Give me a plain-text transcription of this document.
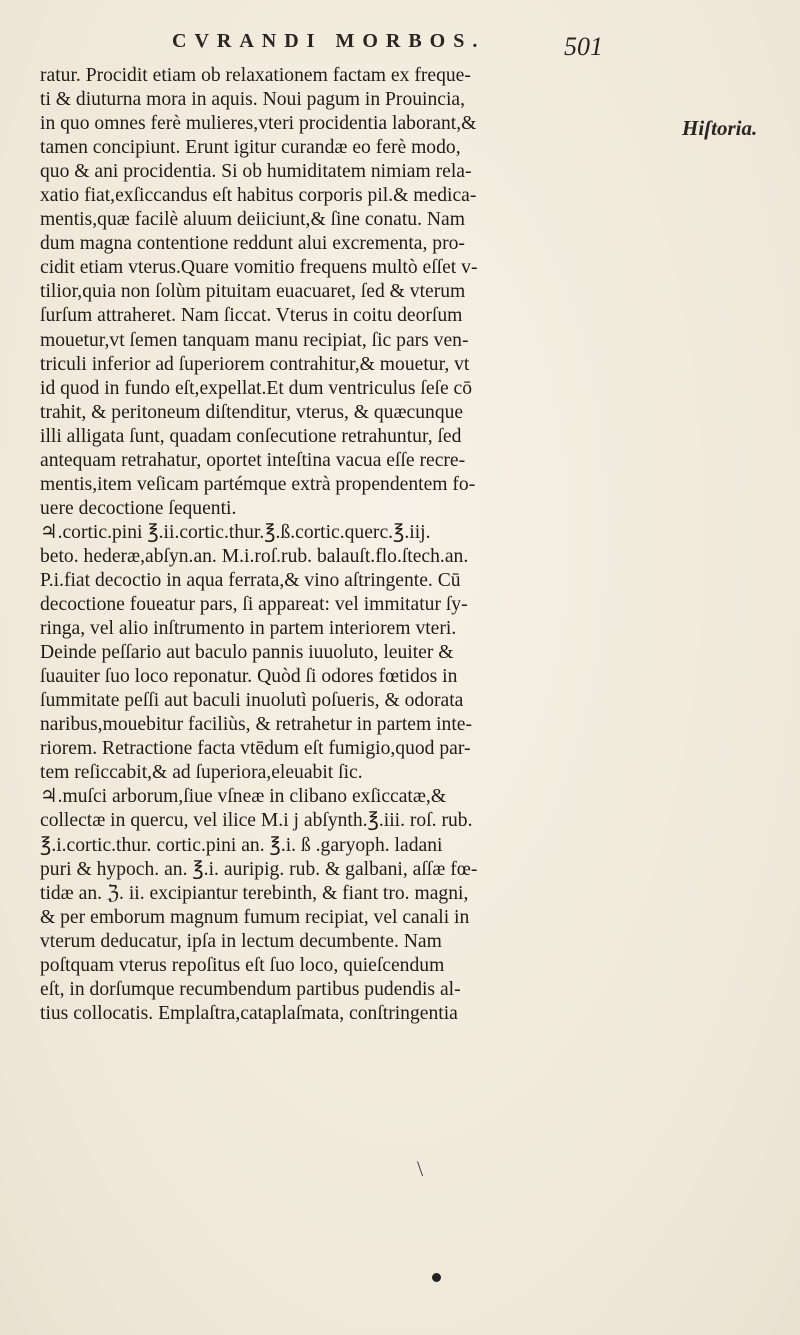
CVRANDI MORBOS.	501
ratur. Procidit etiam ob relaxationem factam ex freque-
ti & diuturna mora in aquis. Noui pagum in Prouincia,
in quo omnes ferè mulieres,vteri procidentia laborant,&
tamen concipiunt. Erunt igitur curandæ eo ferè modo,
quo & ani procidentia. Si ob humiditatem nimiam rela-
xatio fiat,exſiccandus eſt habitus corporis pil.& medica-
mentis,quæ facilè aluum deiiciunt,& ſine conatu. Nam
dum magna contentione reddunt alui excrementa, pro-
cidit etiam vterus.Quare vomitio frequens multò eſſet v-
tilior,quia non ſolùm pituitam euacuaret, ſed & vterum
ſurſum attraheret. Nam ſiccat. Vterus in coitu deorſum
mouetur,vt ſemen tanquam manu recipiat, ſic pars ven-
triculi inferior ad ſuperiorem contrahitur,& mouetur, vt
id quod in fundo eſt,expellat.Et dum ventriculus ſeſe cō
trahit, & peritoneum diſtenditur, vterus, & quæcunque
illi alligata ſunt, quadam conſecutione retrahuntur, ſed
antequam retrahatur, oportet inteſtina vacua eſſe recre-
mentis,item veſicam partémque extrà propendentem fo-
uere decoctione ſequenti.
♃.cortic.pini ℥.ii.cortic.thur.℥.ß.cortic.querc.℥.iij.
beto. hederæ,abſyn.an. M.i.roſ.rub. balauſt.flo.ſtech.an.
P.i.fiat decoctio in aqua ferrata,& vino aſtringente. Cū
decoctione foueatur pars, ſi appareat: vel immitatur ſy-
ringa, vel alio inſtrumento in partem interiorem vteri.
Deinde peſſario aut baculo pannis iuuoluto, leuiter &
ſuauiter ſuo loco reponatur. Quòd ſi odores fœtidos in
ſummitate peſſi aut baculi inuolutì poſueris, & odorata
naribus,mouebitur faciliùs, & retrahetur in partem inte-
riorem. Retractione facta vtēdum eſt fumigio,quod par-
tem reſiccabit,& ad ſuperiora,eleuabit ſic.
♃.muſci arborum,ſiue vſneæ in clibano exſiccatæ,&
collectæ in quercu, vel ilice M.i j abſynth.℥.iii. roſ. rub.
℥.i.cortic.thur. cortic.pini an. ℥.i. ß .garyoph. ladani
puri & hypoch. an. ℥.i. auripig. rub. & galbani, aſſæ fœ-
tidæ an. ℨ. ii. excipiantur terebinth, & fiant tro. magni,
& per emborum magnum fumum recipiat, vel canali in
vterum deducatur, ipſa in lectum decumbente. Nam
poſtquam vterus repoſitus eſt ſuo loco, quieſcendum
eſt, in dorſumque recumbendum partibus pudendis al-
tius collocatis. Emplaſtra,cataplaſmata, conſtringentia
Hiſtoria.
\
